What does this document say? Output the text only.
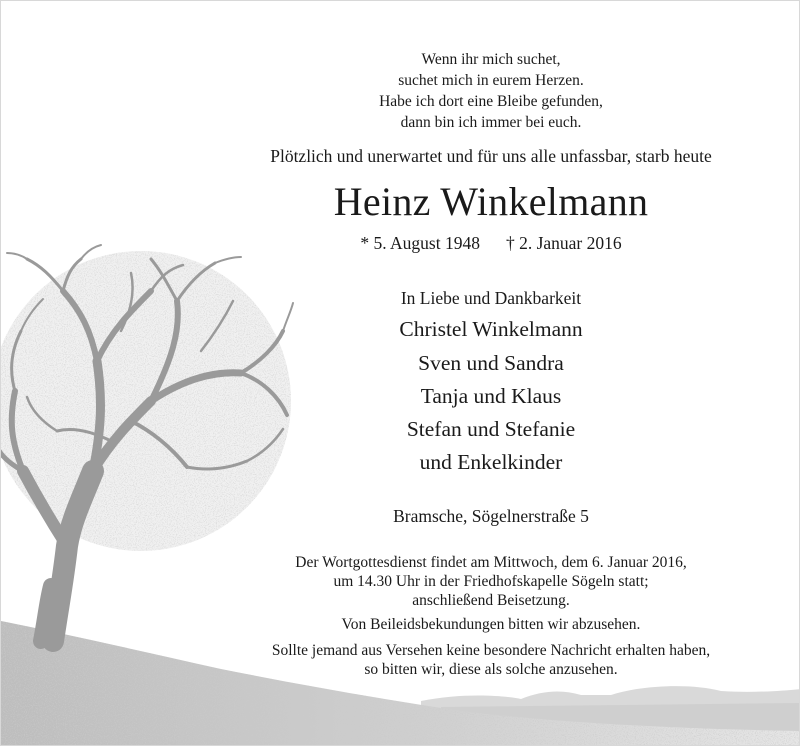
Wenn ihr mich suchet,
suchet mich in eurem Herzen.
Habe ich dort eine Bleibe gefunden,
dann bin ich immer bei euch.
Plötzlich und unerwartet und für uns alle unfassbar, starb heute
Heinz Winkelmann
* 5. August 1948 † 2. Januar 2016
In Liebe und Dankbarkeit
Christel Winkelmann
Sven und Sandra
Tanja und Klaus
Stefan und Stefanie
und Enkelkinder
Bramsche, Sögelnerstraße 5
Der Wortgottesdienst findet am Mittwoch, dem 6. Januar 2016,
um 14.30 Uhr in der Friedhofskapelle Sögeln statt;
anschließend Beisetzung.
Von Beileidsbekundungen bitten wir abzusehen.
Sollte jemand aus Versehen keine besondere Nachricht erhalten haben,
so bitten wir, diese als solche anzusehen.
